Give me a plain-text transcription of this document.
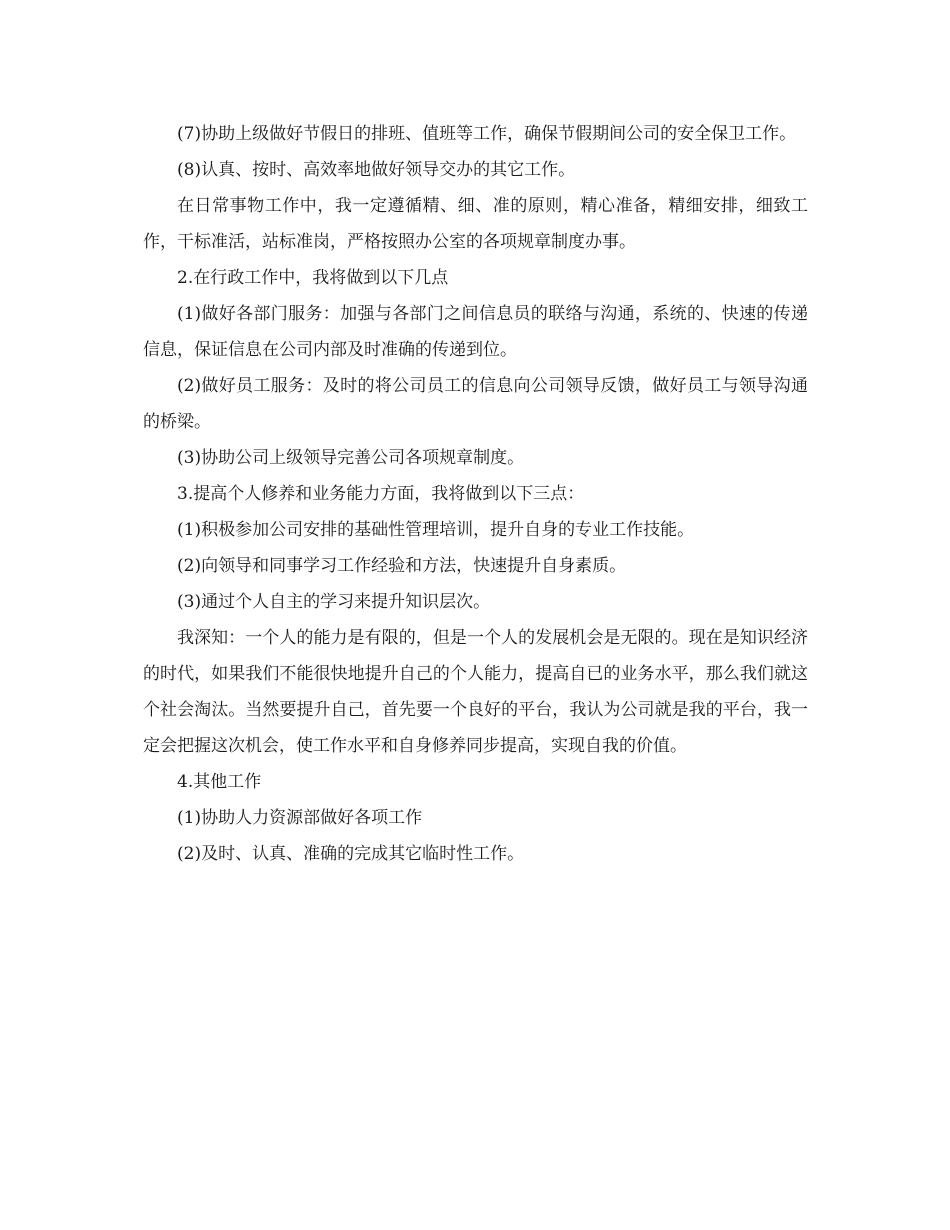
(7)协助上级做好节假日的排班、值班等工作，确保节假期间公司的安全保卫工作。

(8)认真、按时、高效率地做好领导交办的其它工作。

在日常事物工作中，我一定遵循精、细、准的原则，精心准备，精细安排，细致工作，干标准活，站标准岗，严格按照办公室的各项规章制度办事。

2.在行政工作中，我将做到以下几点

(1)做好各部门服务：加强与各部门之间信息员的联络与沟通，系统的、快速的传递信息，保证信息在公司内部及时准确的传递到位。

(2)做好员工服务：及时的将公司员工的信息向公司领导反馈，做好员工与领导沟通的桥梁。

(3)协助公司上级领导完善公司各项规章制度。

3.提高个人修养和业务能力方面，我将做到以下三点：

(1)积极参加公司安排的基础性管理培训，提升自身的专业工作技能。

(2)向领导和同事学习工作经验和方法，快速提升自身素质。

(3)通过个人自主的学习来提升知识层次。

我深知：一个人的能力是有限的，但是一个人的发展机会是无限的。现在是知识经济的时代，如果我们不能很快地提升自己的个人能力，提高自已的业务水平，那么我们就这个社会淘汰。当然要提升自己，首先要一个良好的平台，我认为公司就是我的平台，我一定会把握这次机会，使工作水平和自身修养同步提高，实现自我的价值。

4.其他工作

(1)协助人力资源部做好各项工作

(2)及时、认真、准确的完成其它临时性工作。
